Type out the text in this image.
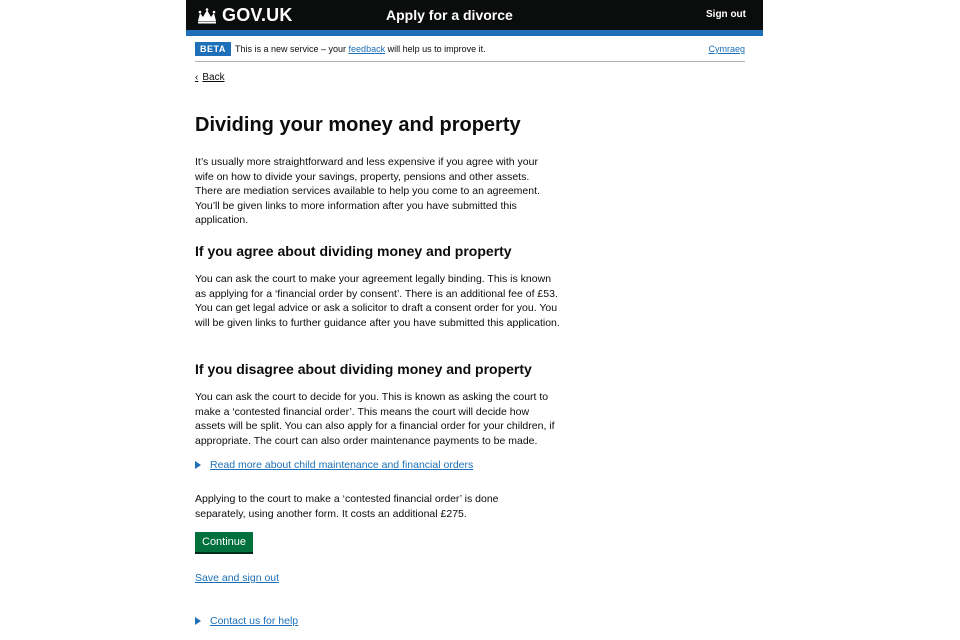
GOV.UK	Apply for a divorce	Sign out
BETA	This is a new service – your feedback will help us to improve it.	Cymraeg
‹ Back
Dividing your money and property

It’s usually more straightforward and less expensive if you agree with your wife on how to divide your savings, property, pensions and other assets. There are mediation services available to help you come to an agreement. You’ll be given links to more information after you have submitted this application.

If you agree about dividing money and property

You can ask the court to make your agreement legally binding. This is known as applying for a ‘financial order by consent’. There is an additional fee of £53. You can get legal advice or ask a solicitor to draft a consent order for you. You will be given links to further guidance after you have submitted this application.

If you disagree about dividing money and property

You can ask the court to decide for you. This is known as asking the court to make a ‘contested financial order’. This means the court will decide how assets will be split. You can also apply for a financial order for your children, if appropriate. The court can also order maintenance payments to be made.

Read more about child maintenance and financial orders

Applying to the court to make a ‘contested financial order’ is done separately, using another form. It costs an additional £275.

Continue
Save and sign out
Contact us for help
